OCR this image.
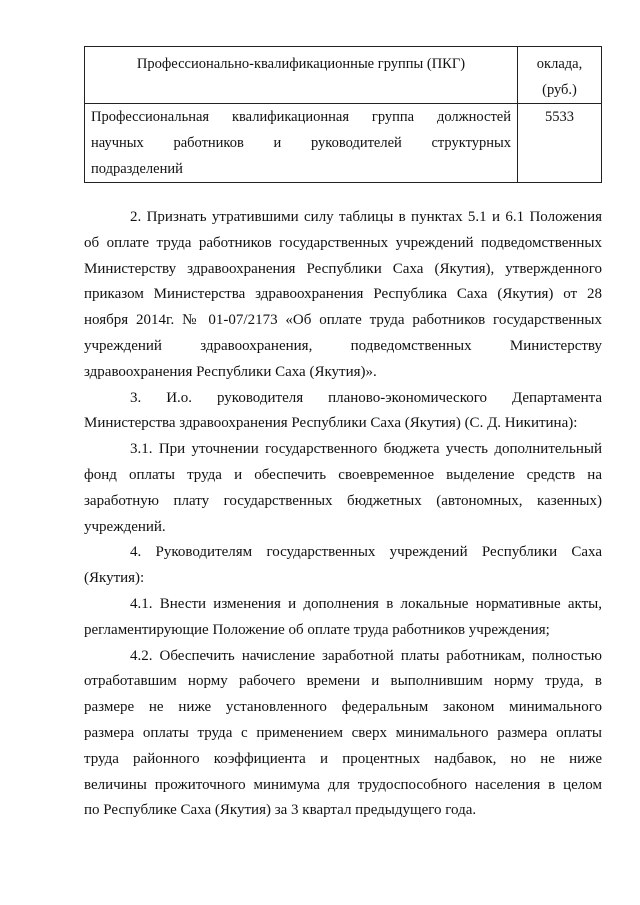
Профессионально-квалификационные группы (ПКГ)	оклада,
(руб.)

Профессиональная квалификационная группа должностей
научных работников и руководителей структурных
подразделений	5533
2. Признать утратившими силу таблицы в пунктах 5.1 и 6.1 Положения
об оплате труда работников государственных учреждений подведомственных
Министерству здравоохранения Республики Саха (Якутия), утвержденного
приказом Министерства здравоохранения Республика Саха (Якутия) от 28
ноября 2014г. № 01-07/2173 «Об оплате труда работников государственных
учреждений здравоохранения, подведомственных Министерству
здравоохранения Республики Саха (Якутия)».
3. И.о. руководителя планово-экономического Департамента
Министерства здравоохранения Республики Саха (Якутия) (С. Д. Никитина):
3.1. При уточнении государственного бюджета учесть дополнительный
фонд оплаты труда и обеспечить своевременное выделение средств на
заработную плату государственных бюджетных (автономных, казенных)
учреждений.
4. Руководителям государственных учреждений Республики Саха
(Якутия):
4.1. Внести изменения и дополнения в локальные нормативные акты,
регламентирующие Положение об оплате труда работников учреждения;
4.2. Обеспечить начисление заработной платы работникам, полностью
отработавшим норму рабочего времени и выполнившим норму труда, в
размере не ниже установленного федеральным законом минимального
размера оплаты труда с применением сверх минимального размера оплаты
труда районного коэффициента и процентных надбавок, но не ниже
величины прожиточного минимума для трудоспособного населения в целом
по Республике Саха (Якутия) за 3 квартал предыдущего года.
